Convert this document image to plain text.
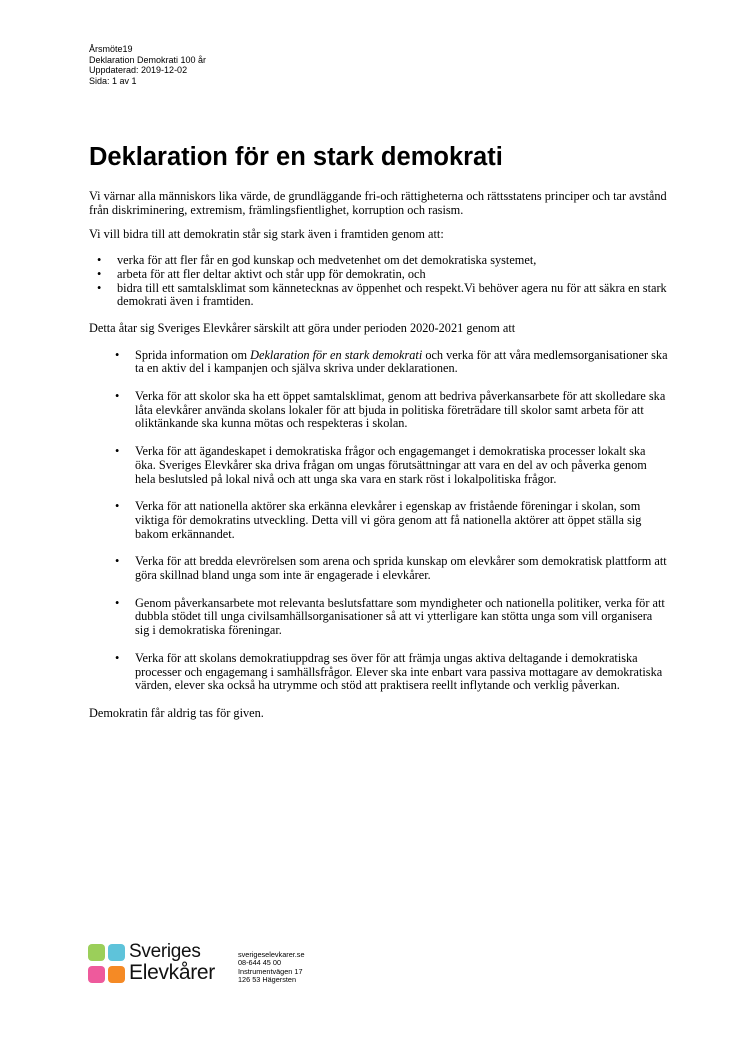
Årsmöte19
Deklaration Demokrati 100 år
Uppdaterad: 2019-12-02
Sida: 1 av 1
Deklaration för en stark demokrati

Vi värnar alla människors lika värde, de grundläggande fri-och rättigheterna och rättsstatens principer och tar avstånd från diskriminering, extremism, främlingsfientlighet, korruption och rasism.

Vi vill bidra till att demokratin står sig stark även i framtiden genom att:

• verka för att fler får en god kunskap och medvetenhet om det demokratiska systemet,
• arbeta för att fler deltar aktivt och står upp för demokratin, och
• bidra till ett samtalsklimat som kännetecknas av öppenhet och respekt.Vi behöver agera nu för att säkra en stark demokrati även i framtiden.

Detta åtar sig Sveriges Elevkårer särskilt att göra under perioden 2020-2021 genom att

• Sprida information om Deklaration för en stark demokrati och verka för att våra medlemsorganisationer ska ta en aktiv del i kampanjen och själva skriva under deklarationen.
• Verka för att skolor ska ha ett öppet samtalsklimat, genom att bedriva påverkansarbete för att skolledare ska låta elevkårer använda skolans lokaler för att bjuda in politiska företrädare till skolor samt arbeta för att oliktänkande ska kunna mötas och respekteras i skolan.
• Verka för att ägandeskapet i demokratiska frågor och engagemanget i demokratiska processer lokalt ska öka. Sveriges Elevkårer ska driva frågan om ungas förutsättningar att vara en del av och påverka genom hela beslutsled på lokal nivå och att unga ska vara en stark röst i lokalpolitiska frågor.
• Verka för att nationella aktörer ska erkänna elevkårer i egenskap av fristående föreningar i skolan, som viktiga för demokratins utveckling. Detta vill vi göra genom att få nationella aktörer att öppet ställa sig bakom erkännandet.
• Verka för att bredda elevrörelsen som arena och sprida kunskap om elevkårer som demokratisk plattform att göra skillnad bland unga som inte är engagerade i elevkårer.
• Genom påverkansarbete mot relevanta beslutsfattare som myndigheter och nationella politiker, verka för att dubbla stödet till unga civilsamhällsorganisationer så att vi ytterligare kan stötta unga som vill organisera sig i demokratiska föreningar.
• Verka för att skolans demokratiuppdrag ses över för att främja ungas aktiva deltagande i demokratiska processer och engagemang i samhällsfrågor. Elever ska inte enbart vara passiva mottagare av demokratiska värden, elever ska också ha utrymme och stöd att praktisera reellt inflytande och verklig påverkan.

Demokratin får aldrig tas för given.

Sveriges
Elevkårer
sverigeselevkarer.se
08-644 45 00
Instrumentvägen 17
126 53 Hägersten
